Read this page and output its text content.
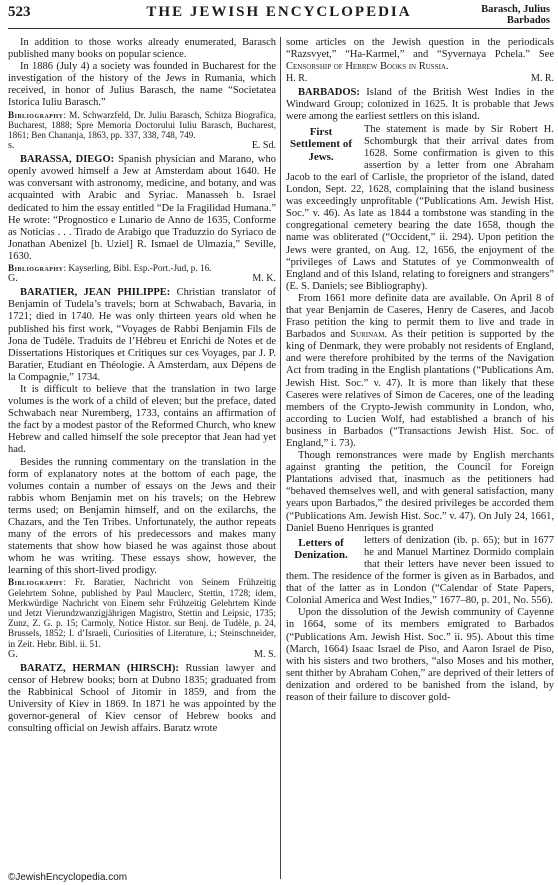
523	THE JEWISH ENCYCLOPEDIA	Barasch, Julius
Barbados

In addition to those works already enumerated, Barasch published many books on popular science.

In 1886 (July 4) a society was founded in Bucharest for the investigation of the history of the Jews in Rumania, which received, in honor of Julius Barasch, the name “Societatea Istorica Iuliu Barasch.”

Bibliography: M. Schwarzfeld, Dr. Juliu Barasch, Schitza Biografica, Bucharest, 1888; Spre Memoria Doctorului Iuliu Barasch, Bucharest, 1861; Ben Chananja, 1863, pp. 337, 338, 748, 749.

s.	E. Sd.

BARASSA, DIEGO: Spanish physician and Marano, who openly avowed himself a Jew at Amsterdam about 1640. He was conversant with astronomy, medicine, and botany, and was acquainted with Arabic and Syriac. Manasseh b. Israel dedicated to him the essay entitled “De la Fragilidad Humana.” He wrote: “Prognostico e Lunario de Anno de 1635, Conforme as Noticias . . . Tirado de Arabigo que Traduzzio do Syriaco de Jonathan Abenizel [b. Uziel] R. Ismael de Ulmazia,” Seville, 1630.

Bibliography: Kayserling, Bibl. Esp.-Port.-Jud, p. 16.

G.	M. K.

BARATIER, JEAN PHILIPPE: Christian translator of Benjamin of Tudela’s travels; born at Schwabach, Bavaria, in 1721; died in 1740. He was only thirteen years old when he published his first work, “Voyages de Rabbi Benjamin Fils de Jona de Tudèle. Traduits de l’Hébreu et Enrichi de Notes et de Dissertations Historiques et Critiques sur ces Voyages, par J. P. Baratier, Etudiant en Théologie. A Amsterdam, aux Dépens de la Compagnie,” 1734.

It is difficult to believe that the translation in two large volumes is the work of a child of eleven; but the preface, dated Schwabach near Nuremberg, 1733, contains an affirmation of the fact by a modest pastor of the Reformed Church, who knew Hebrew and called himself the sole preceptor that Jean had yet had.

Besides the running commentary on the translation in the form of explanatory notes at the bottom of each page, the volumes contain a number of essays on the Jews and their rabbis whom Benjamin met on his travels; on the Hebrew terms used; on Benjamin himself, and on the exilarchs, the Chazars, and the Ten Tribes. Unfortunately, the author repeats many of the errors of his predecessors and makes many statements that show how biased he was against those about whom he was writing. These essays show, however, the learning of this short-lived prodigy.

Bibliography: Fr. Baratier, Nachricht von Seinem Frühzeitig Gelehrtem Sohne, published by Paul Mauclerc, Stettin, 1728; idem, Merkwürdige Nachricht von Einem sehr Frühzeitig Gelehrtem Kinde und Jetzt Vierundzwanzigjährigen Magistro, Stettin and Leipsic, 1735; Zunz, Z. G. p. 15; Carmoly, Notice Histor. sur Benj. de Tudèle, p. 24, Brussels, 1852; I. d’Israeli, Curiosities of Literature, i.; Steinschneider, in Zeit. Hebr. Bibl. ii. 51.

G.	M. S.

BARATZ, HERMAN (HIRSCH): Russian lawyer and censor of Hebrew books; born at Dubno 1835; graduated from the Rabbinical School of Jitomir in 1859, and from the University of Kiev in 1869. In 1871 he was appointed by the governor-general of Kiev censor of Hebrew books and consulting official on Jewish affairs. Baratz wrote

some articles on the Jewish question in the periodicals “Razsvyet,” “Ha-Karmel,” and “Syvernaya Pchela.” See Censorship of Hebrew Books in Russia.

H. R.	M. R.

BARBADOS: Island of the British West Indies in the Windward Group; colonized in 1625. It is probable that Jews were among the earliest settlers on this island.

First Settlement of Jews.
The statement is made by Sir Robert H. Schomburgk that their arrival dates from 1628. Some confirmation is given to this assertion by a letter from one Abraham Jacob to the earl of Carlisle, the proprietor of the island, dated London, Sept. 22, 1628, complaining that the island business was exceedingly unprofitable (“Publications Am. Jewish Hist. Soc.” v. 46). As late as 1844 a tombstone was standing in the congregational cemetery bearing the date 1658, though the name was obliterated (“Occident,” ii. 294). Upon petition the Jews were granted, on Aug. 12, 1656, the enjoyment of the “privileges of Laws and Statutes of ye Commonwealth of England and of this Island, relating to foreigners and strangers” (E. S. Daniels; see Bibliography).

From 1661 more definite data are available. On April 8 of that year Benjamin de Caseres, Henry de Caseres, and Jacob Fraso petition the king to permit them to live and trade in Barbados and Surinam. As their petition is supported by the king of Denmark, they were probably not residents of England, and were therefore prohibited by the terms of the Navigation Act from trading in the English plantations (“Publications Am. Jewish Hist. Soc.” v. 47). It is more than likely that these Caseres were relatives of Simon de Caceres, one of the leading members of the Crypto-Jewish community in London, who, according to Lucien Wolf, had established a branch of his business in Barbados (“Transactions Jewish Hist. Soc. of England,” i. 73).

Though remonstrances were made by English merchants against granting the petition, the Council for Foreign Plantations advised that, inasmuch as the petitioners had “behaved themselves well, and with general satisfaction, many years upon Barbados,” the desired privileges be accorded them (“Publications Am. Jewish Hist. Soc.” v. 47). On July 24, 1661, Daniel Bueno Henriques is granted

Letters of Denization.
letters of denization (ib. p. 65); but in 1677 he and Manuel Martinez Dormido complain that their letters have never been issued to them. The residence of the former is given as in Barbados, and that of the latter as in London (“Calendar of State Papers, Colonial America and West Indies,” 1677–80, p. 201, No. 556).

Upon the dissolution of the Jewish community of Cayenne in 1664, some of its members emigrated to Barbados (“Publications Am. Jewish Hist. Soc.” ii. 95). About this time (March, 1664) Isaac Israel de Piso, and Aaron Israel de Piso, with his sisters and two brothers, “also Moses and his mother, sent thither by Abraham Cohen,” are deprived of their letters of denization and ordered to be banished from the island, by reason of their failure to discover gold-

©JewishEncyclopedia.com
